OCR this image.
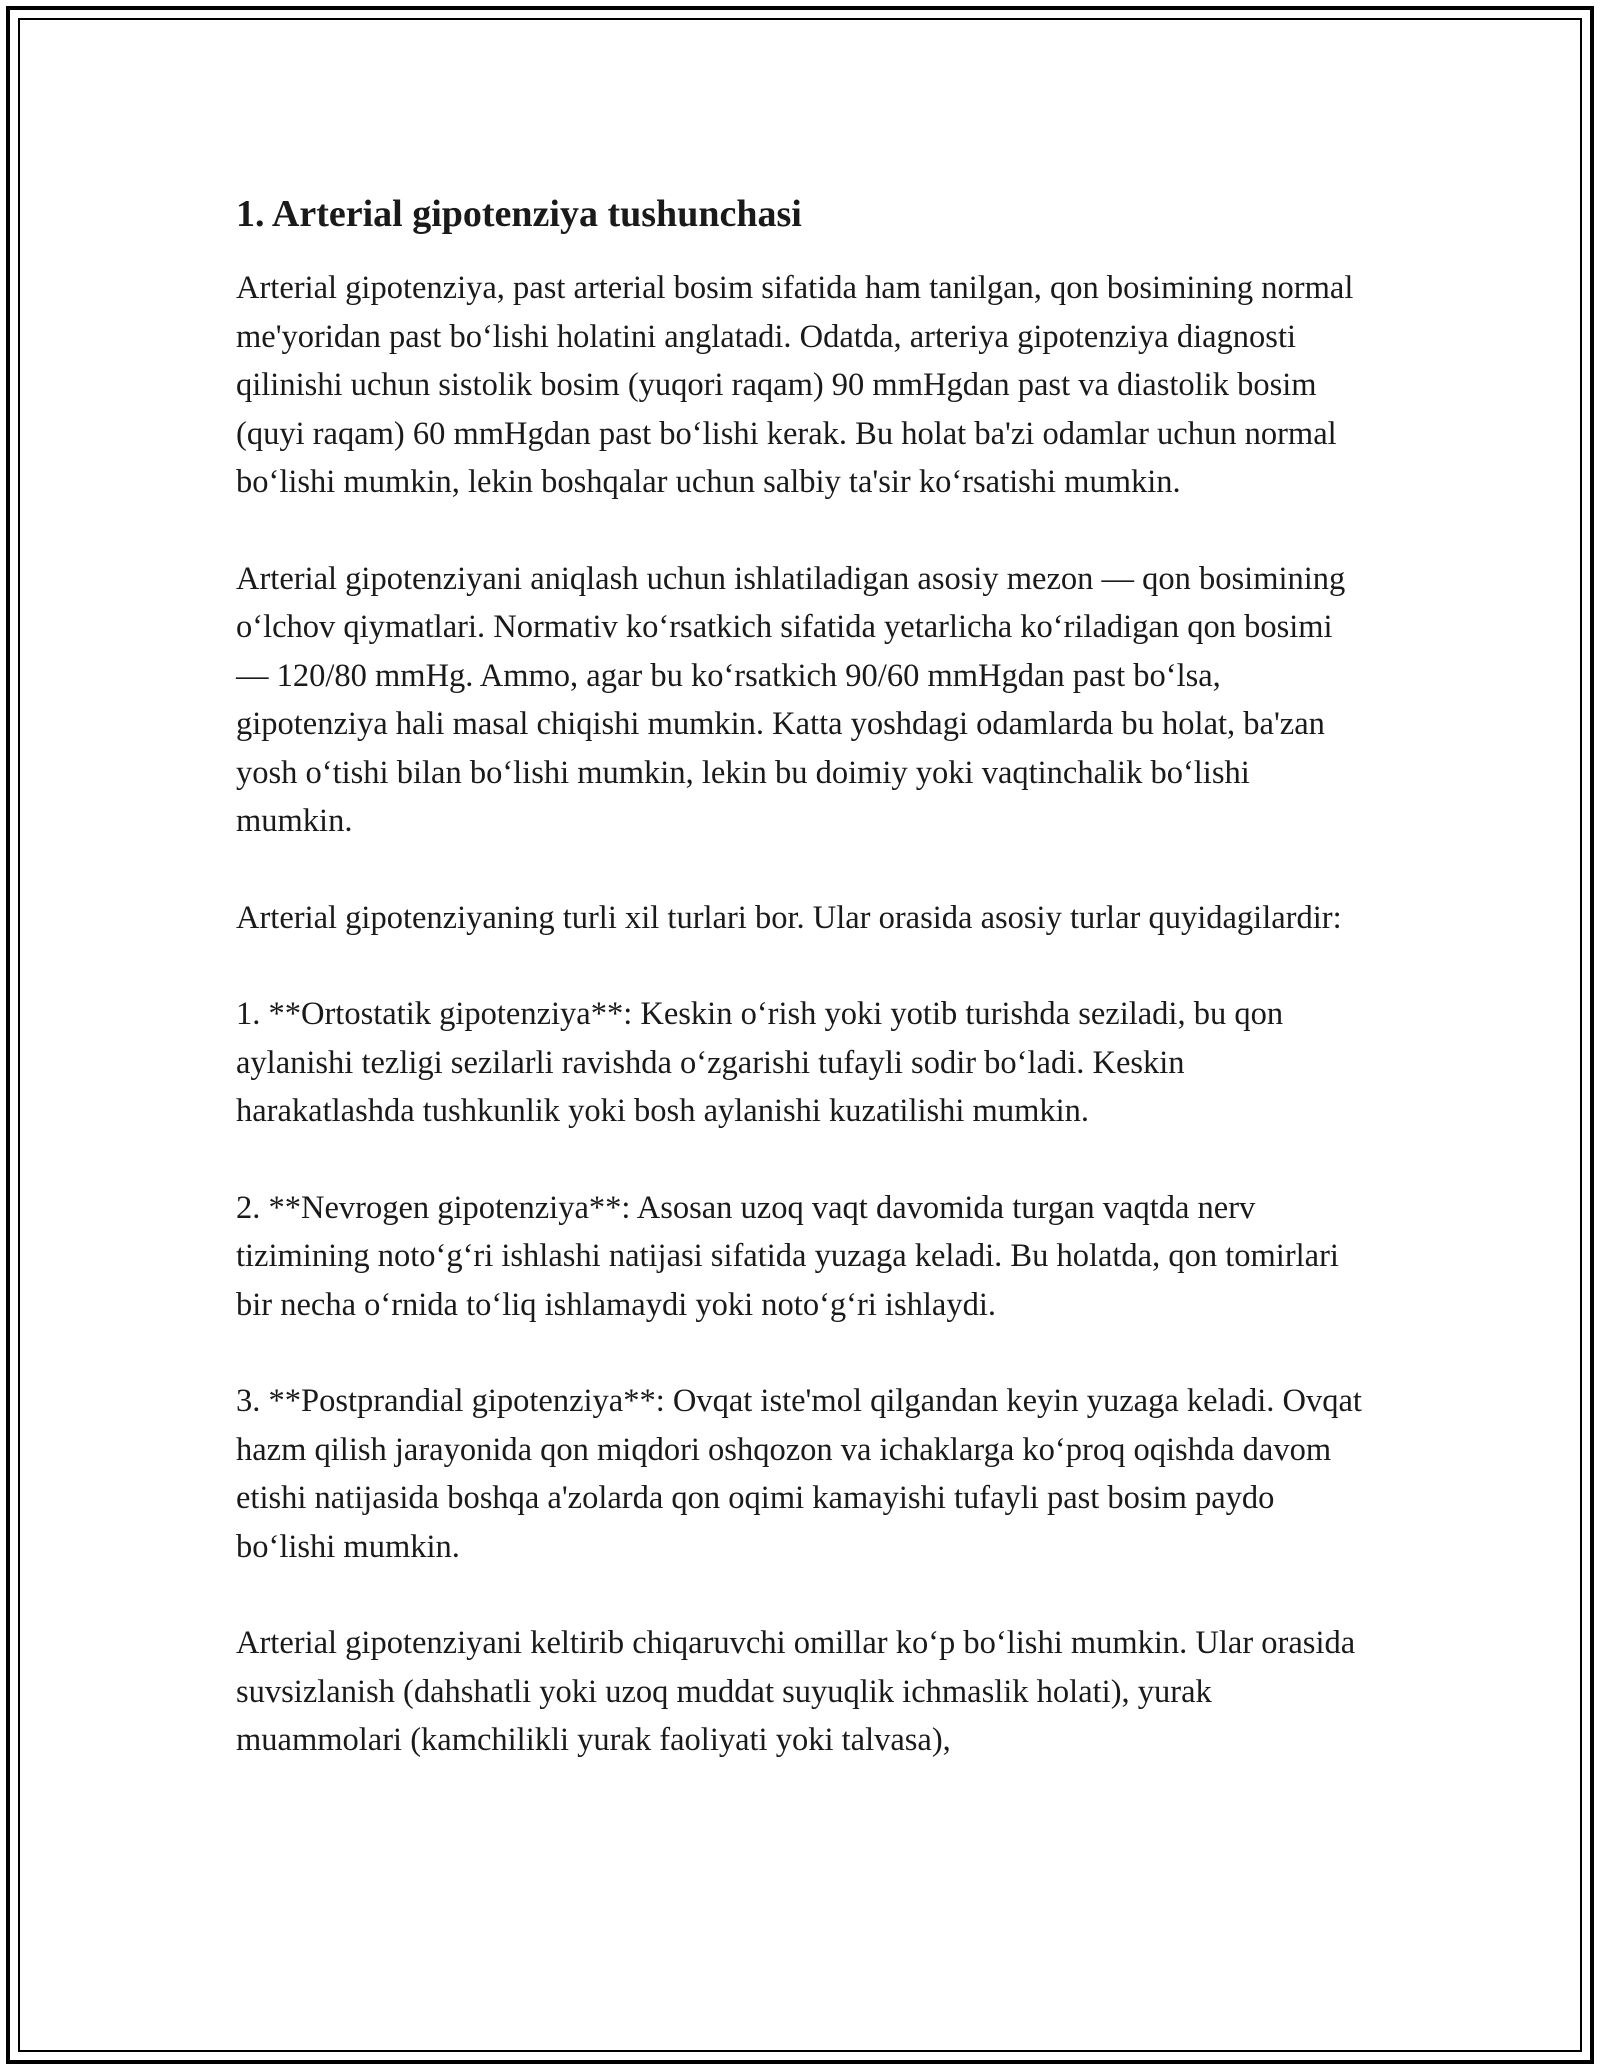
1. Arterial gipotenziya tushunchasi

Arterial gipotenziya, past arterial bosim sifatida ham tanilgan, qon bosimining normal me'yoridan past boʻlishi holatini anglatadi. Odatda, arteriya gipotenziya diagnosti qilinishi uchun sistolik bosim (yuqori raqam) 90 mmHgdan past va diastolik bosim (quyi raqam) 60 mmHgdan past boʻlishi kerak. Bu holat ba'zi odamlar uchun normal boʻlishi mumkin, lekin boshqalar uchun salbiy ta'sir koʻrsatishi mumkin.

Arterial gipotenziyani aniqlash uchun ishlatiladigan asosiy mezon — qon bosimining oʻlchov qiymatlari. Normativ koʻrsatkich sifatida yetarlicha koʻriladigan qon bosimi — 120/80 mmHg. Ammo, agar bu koʻrsatkich 90/60 mmHgdan past boʻlsa, gipotenziya hali masal chiqishi mumkin. Katta yoshdagi odamlarda bu holat, ba'zan yosh oʻtishi bilan boʻlishi mumkin, lekin bu doimiy yoki vaqtinchalik boʻlishi mumkin.

Arterial gipotenziyaning turli xil turlari bor. Ular orasida asosiy turlar quyidagilardir:

1. **Ortostatik gipotenziya**: Keskin oʻrish yoki yotib turishda seziladi, bu qon aylanishi tezligi sezilarli ravishda oʻzgarishi tufayli sodir boʻladi. Keskin harakatlashda tushkunlik yoki bosh aylanishi kuzatilishi mumkin.

2. **Nevrogen gipotenziya**: Asosan uzoq vaqt davomida turgan vaqtda nerv tizimining notoʻgʻri ishlashi natijasi sifatida yuzaga keladi. Bu holatda, qon tomirlari bir necha oʻrnida toʻliq ishlamaydi yoki notoʻgʻri ishlaydi.

3. **Postprandial gipotenziya**: Ovqat iste'mol qilgandan keyin yuzaga keladi. Ovqat hazm qilish jarayonida qon miqdori oshqozon va ichaklarga koʻproq oqishda davom etishi natijasida boshqa a'zolarda qon oqimi kamayishi tufayli past bosim paydo boʻlishi mumkin.

Arterial gipotenziyani keltirib chiqaruvchi omillar koʻp boʻlishi mumkin. Ular orasida suvsizlanish (dahshatli yoki uzoq muddat suyuqlik ichmaslik holati), yurak muammolari (kamchilikli yurak faoliyati yoki talvasa),
